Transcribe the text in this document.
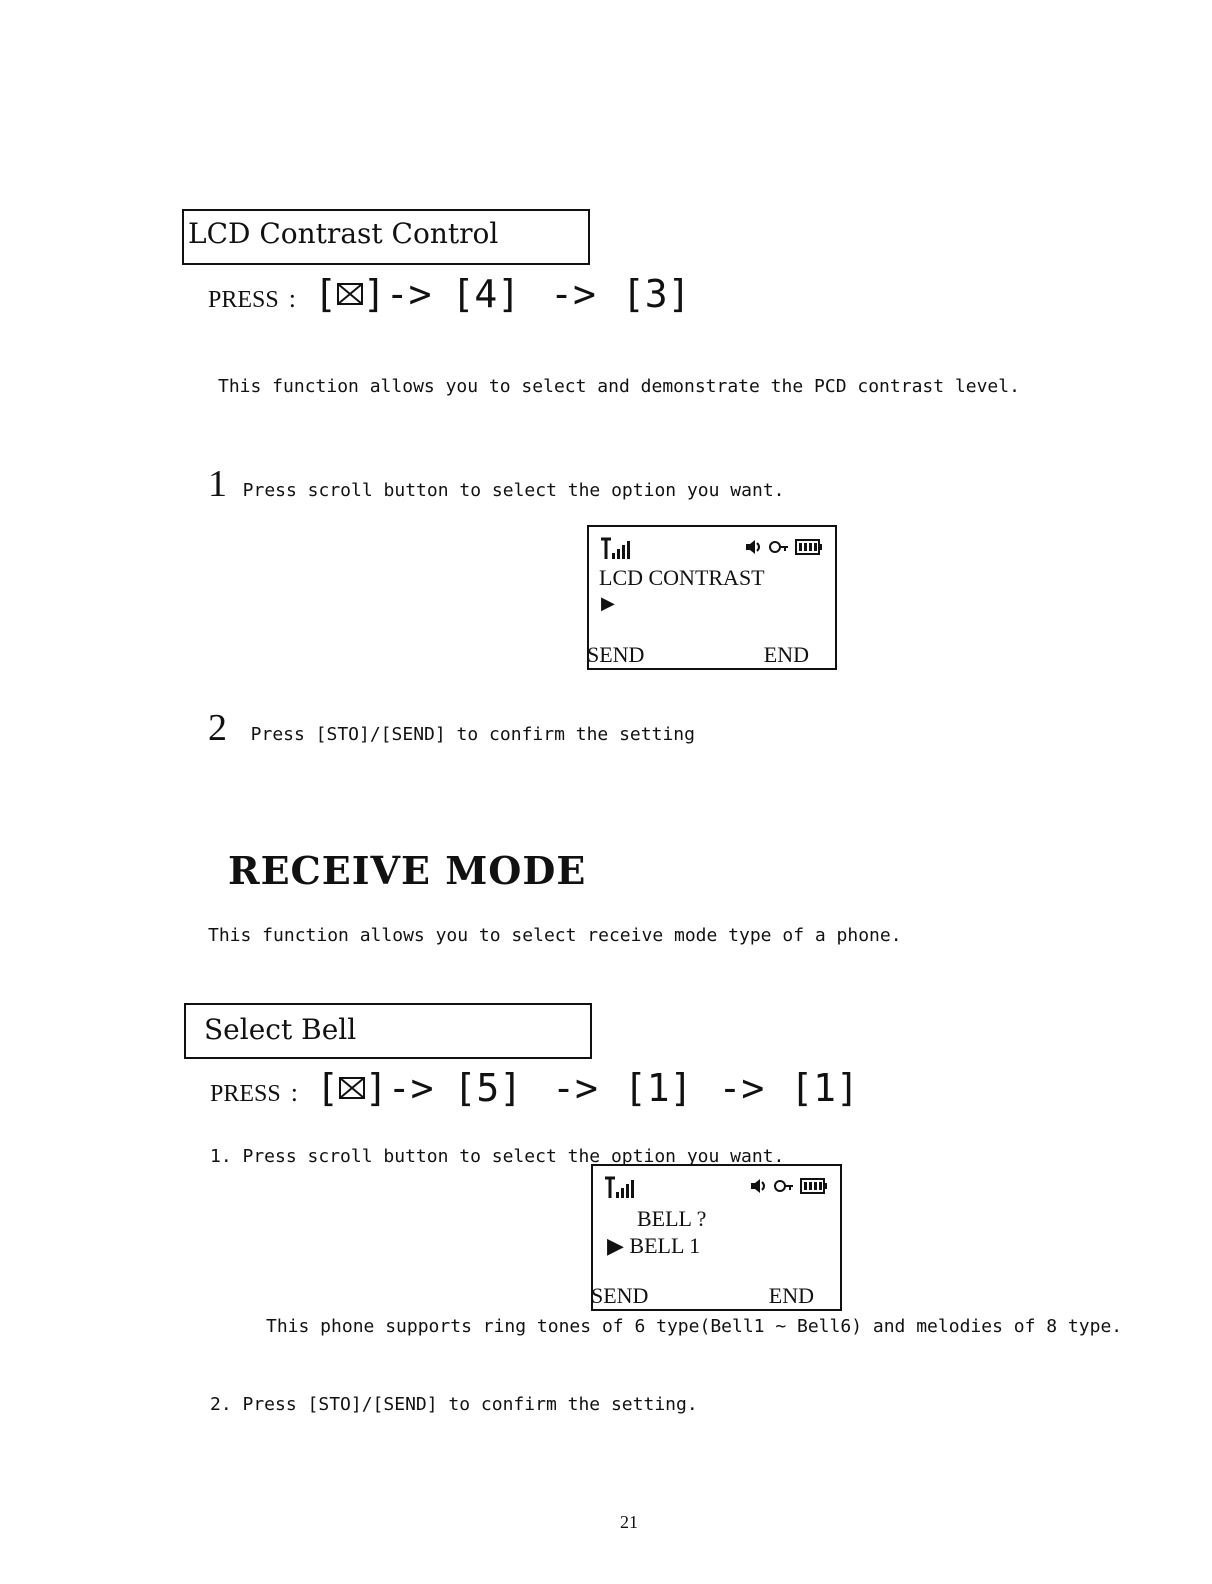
LCD Contrast Control
PRESS : [ ]-> [4] -> [3]
This function allows you to select and demonstrate the PCD contrast level.
1 Press scroll button to select the option you want.
LCD CONTRAST
▶
SEND	END
2 Press [STO]/[SEND] to confirm the setting
RECEIVE MODE
This function allows you to select receive mode type of a phone.
Select Bell
PRESS : [ ]-> [5] -> [1] -> [1]
1. Press scroll button to select the option you want.
BELL ?
▶ BELL 1
SEND	END
This phone supports ring tones of 6 type(Bell1 ~ Bell6) and melodies of 8 type.
2. Press [STO]/[SEND] to confirm the setting.
21
